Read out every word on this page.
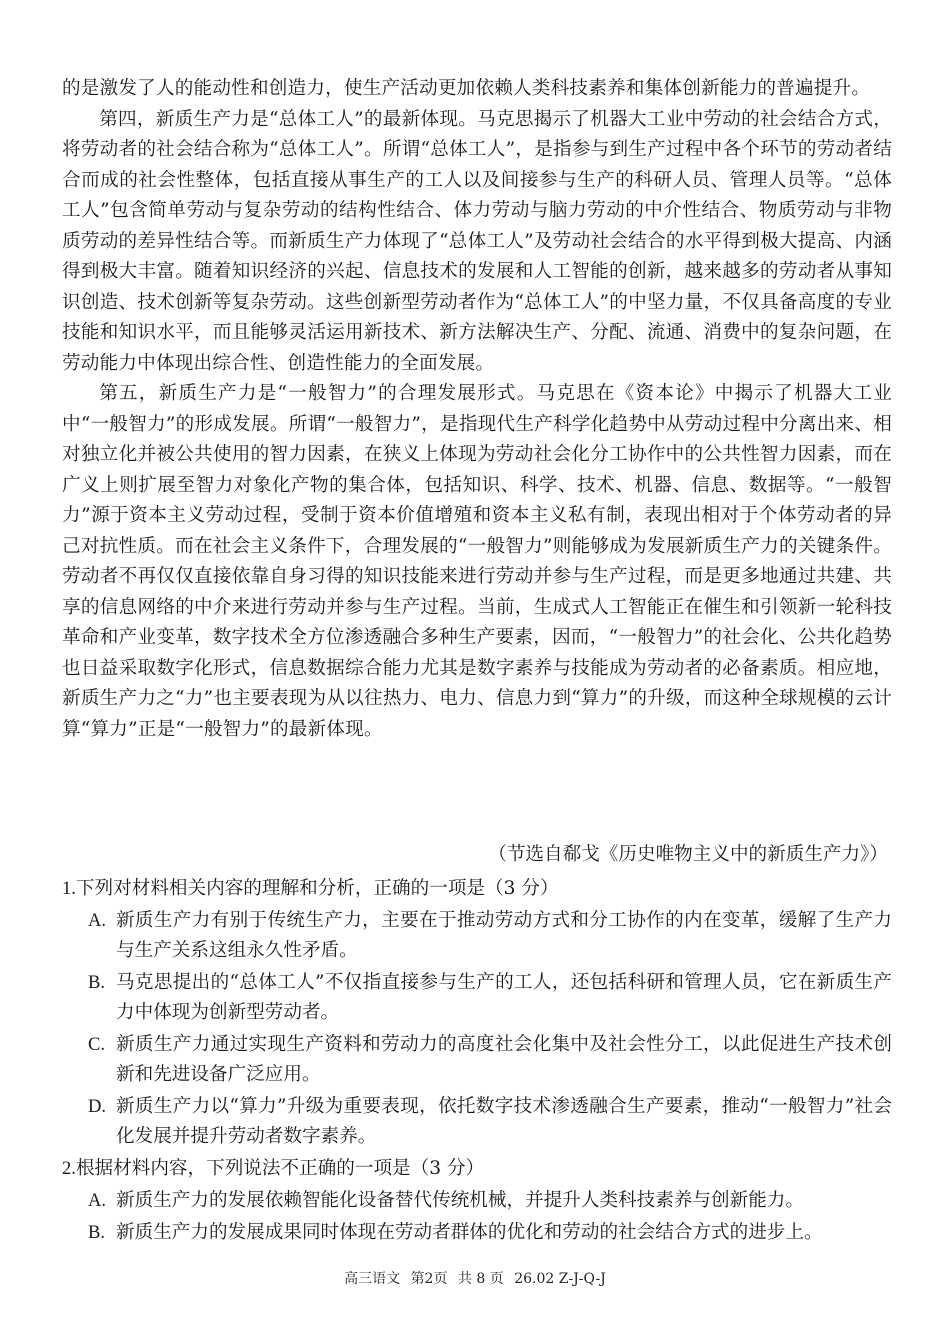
的是激发了人的能动性和创造力，使生产活动更加依赖人类科技素养和集体创新能力的普遍提升。

第四，新质生产力是“总体工人”的最新体现。马克思揭示了机器大工业中劳动的社会结合方式，将劳动者的社会结合称为“总体工人”。所谓“总体工人”，是指参与到生产过程中各个环节的劳动者结合而成的社会性整体，包括直接从事生产的工人以及间接参与生产的科研人员、管理人员等。“总体工人”包含简单劳动与复杂劳动的结构性结合、体力劳动与脑力劳动的中介性结合、物质劳动与非物质劳动的差异性结合等。而新质生产力体现了“总体工人”及劳动社会结合的水平得到极大提高、内涵得到极大丰富。随着知识经济的兴起、信息技术的发展和人工智能的创新，越来越多的劳动者从事知识创造、技术创新等复杂劳动。这些创新型劳动者作为“总体工人”的中坚力量，不仅具备高度的专业技能和知识水平，而且能够灵活运用新技术、新方法解决生产、分配、流通、消费中的复杂问题，在劳动能力中体现出综合性、创造性能力的全面发展。

第五，新质生产力是“一般智力”的合理发展形式。马克思在《资本论》中揭示了机器大工业中“一般智力”的形成发展。所谓“一般智力”，是指现代生产科学化趋势中从劳动过程中分离出来、相对独立化并被公共使用的智力因素，在狭义上体现为劳动社会化分工协作中的公共性智力因素，而在广义上则扩展至智力对象化产物的集合体，包括知识、科学、技术、机器、信息、数据等。“一般智力”源于资本主义劳动过程，受制于资本价值增殖和资本主义私有制，表现出相对于个体劳动者的异己对抗性质。而在社会主义条件下，合理发展的“一般智力”则能够成为发展新质生产力的关键条件。劳动者不再仅仅直接依靠自身习得的知识技能来进行劳动并参与生产过程，而是更多地通过共建、共享的信息网络的中介来进行劳动并参与生产过程。当前，生成式人工智能正在催生和引领新一轮科技革命和产业变革，数字技术全方位渗透融合多种生产要素，因而，“一般智力”的社会化、公共化趋势也日益采取数字化形式，信息数据综合能力尤其是数字素养与技能成为劳动者的必备素质。相应地，新质生产力之“力”也主要表现为从以往热力、电力、信息力到“算力”的升级，而这种全球规模的云计算“算力”正是“一般智力”的最新体现。

（节选自郗戈《历史唯物主义中的新质生产力》）

1.下列对材料相关内容的理解和分析，正确的一项是（3 分）

A. 新质生产力有别于传统生产力，主要在于推动劳动方式和分工协作的内在变革，缓解了生产力与生产关系这组永久性矛盾。

B. 马克思提出的“总体工人”不仅指直接参与生产的工人，还包括科研和管理人员，它在新质生产力中体现为创新型劳动者。

C. 新质生产力通过实现生产资料和劳动力的高度社会化集中及社会性分工，以此促进生产技术创新和先进设备广泛应用。

D. 新质生产力以“算力”升级为重要表现，依托数字技术渗透融合生产要素，推动“一般智力”社会化发展并提升劳动者数字素养。

2.根据材料内容，下列说法不正确的一项是（3 分）

A. 新质生产力的发展依赖智能化设备替代传统机械，并提升人类科技素养与创新能力。

B. 新质生产力的发展成果同时体现在劳动者群体的优化和劳动的社会结合方式的进步上。

高三语文 第2页 共 8 页 26.02 Z-J-Q-J
